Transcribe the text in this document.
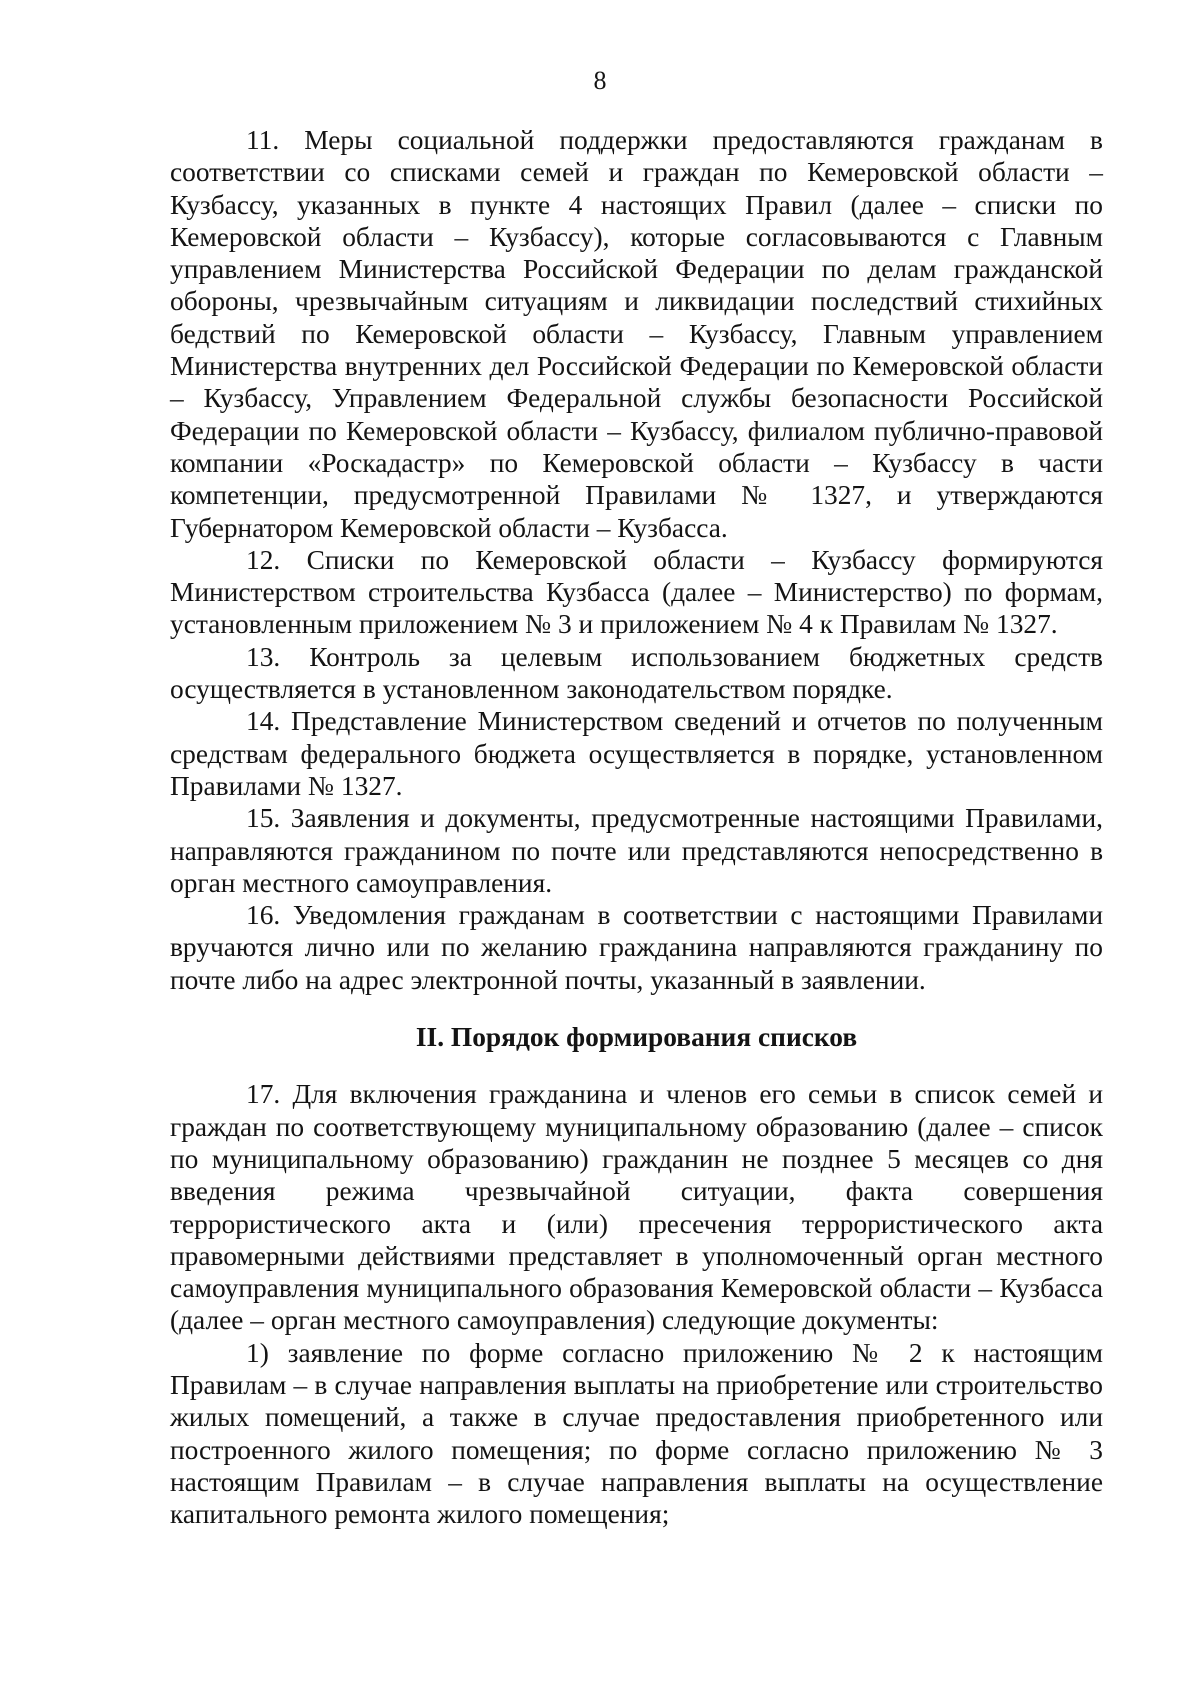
8

11. Меры социальной поддержки предоставляются гражданам в соответствии со списками семей и граждан по Кемеровской области – Кузбассу, указанных в пункте 4 настоящих Правил (далее – списки по Кемеровской области – Кузбассу), которые согласовываются с Главным управлением Министерства Российской Федерации по делам гражданской обороны, чрезвычайным ситуациям и ликвидации последствий стихийных бедствий по Кемеровской области – Кузбассу, Главным управлением Министерства внутренних дел Российской Федерации по Кемеровской области – Кузбассу, Управлением Федеральной службы безопасности Российской Федерации по Кемеровской области – Кузбассу, филиалом публично-правовой компании «Роскадастр» по Кемеровской области – Кузбассу в части компетенции, предусмотренной Правилами № 1327, и утверждаются Губернатором Кемеровской области – Кузбасса.

12. Списки по Кемеровской области – Кузбассу формируются Министерством строительства Кузбасса (далее – Министерство) по формам, установленным приложением № 3 и приложением № 4 к Правилам № 1327.

13. Контроль за целевым использованием бюджетных средств осуществляется в установленном законодательством порядке.

14. Представление Министерством сведений и отчетов по полученным средствам федерального бюджета осуществляется в порядке, установленном Правилами № 1327.

15. Заявления и документы, предусмотренные настоящими Правилами, направляются гражданином по почте или представляются непосредственно в орган местного самоуправления.

16. Уведомления гражданам в соответствии с настоящими Правилами вручаются лично или по желанию гражданина направляются гражданину по почте либо на адрес электронной почты, указанный в заявлении.

II. Порядок формирования списков

17. Для включения гражданина и членов его семьи в список семей и граждан по соответствующему муниципальному образованию (далее – список по муниципальному образованию) гражданин не позднее 5 месяцев со дня введения режима чрезвычайной ситуации, факта совершения террористического акта и (или) пресечения террористического акта правомерными действиями представляет в уполномоченный орган местного самоуправления муниципального образования Кемеровской области – Кузбасса (далее – орган местного самоуправления) следующие документы:

1) заявление по форме согласно приложению № 2 к настоящим Правилам – в случае направления выплаты на приобретение или строительство жилых помещений, а также в случае предоставления приобретенного или построенного жилого помещения; по форме согласно приложению № 3 настоящим Правилам – в случае направления выплаты на осуществление капитального ремонта жилого помещения;
